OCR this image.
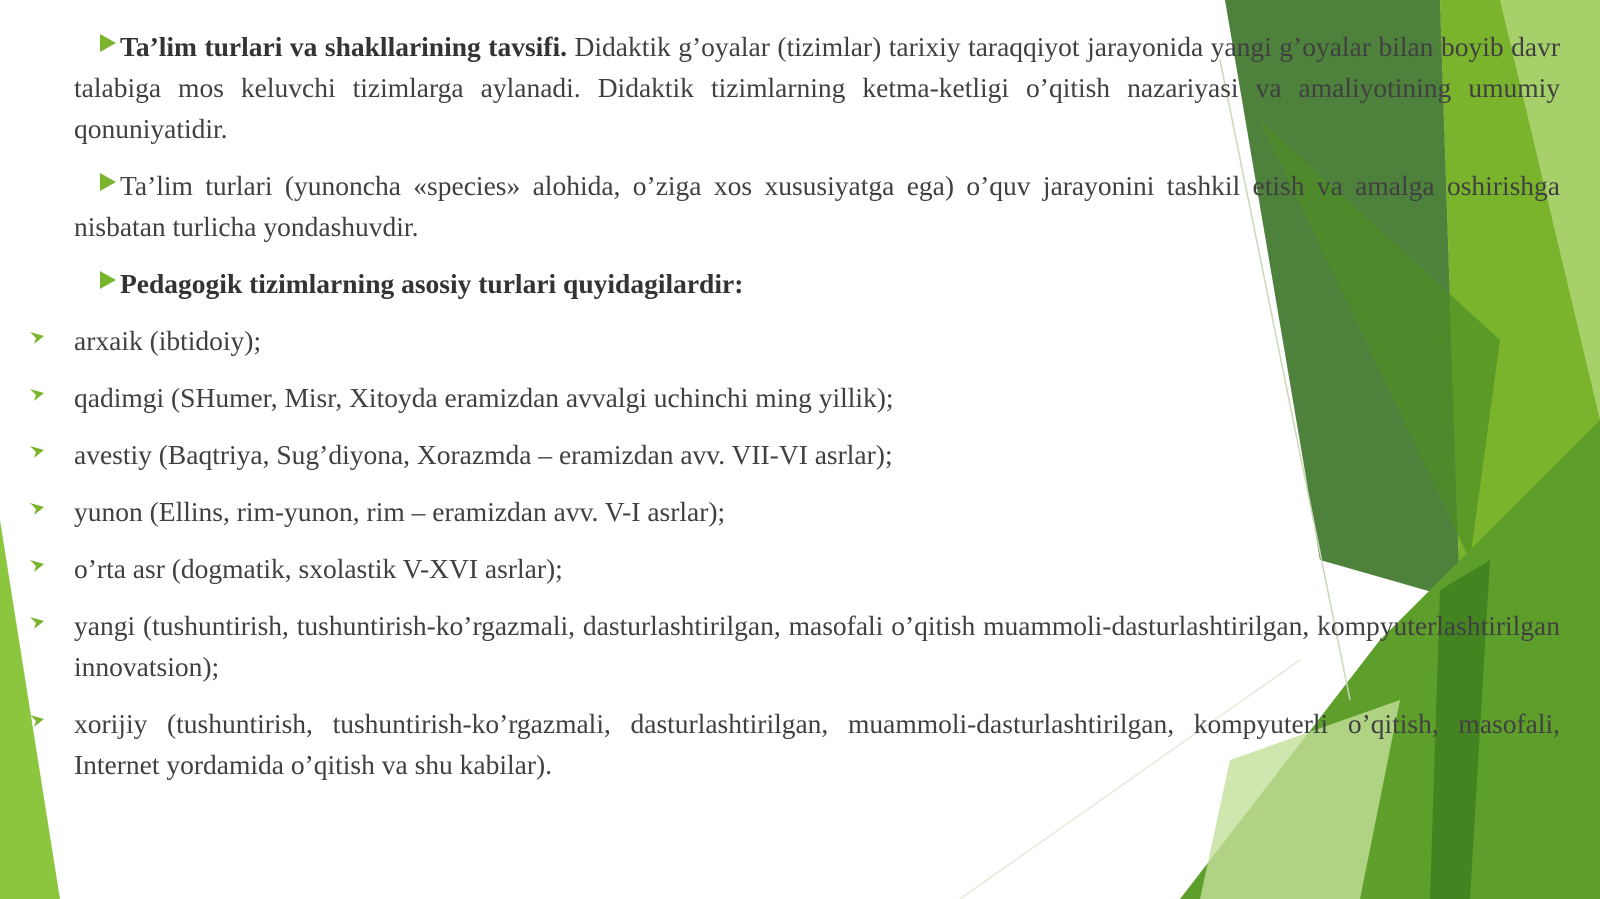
Ta’lim turlari va shakllarining tavsifi. Didaktik g’oyalar (tizimlar) tarixiy taraqqiyot jarayonida yangi g’oyalar bilan boyib davr talabiga mos keluvchi tizimlarga aylanadi. Didaktik tizimlarning ketma-ketligi o’qitish nazariyasi va amaliyotining umumiy qonuniyatidir.

Ta’lim turlari (yunoncha «species» alohida, o’ziga xos xususiyatga ega) o’quv jarayonini tashkil etish va amalga oshirishga nisbatan turlicha yondashuvdir.

Pedagogik tizimlarning asosiy turlari quyidagilardir:

arxaik (ibtidoiy);
qadimgi (SHumer, Misr, Xitoyda eramizdan avvalgi uchinchi ming yillik);
avestiy (Baqtriya, Sug’diyona, Xorazmda – eramizdan avv. VII-VI asrlar);
yunon (Ellins, rim-yunon, rim – eramizdan avv. V-I asrlar);
o’rta asr (dogmatik, sxolastik V-XVI asrlar);
yangi (tushuntirish, tushuntirish-ko’rgazmali, dasturlashtirilgan, masofali o’qitish muammoli-dasturlashtirilgan, kompyuterlashtirilgan innovatsion);
xorijiy (tushuntirish, tushuntirish-ko’rgazmali, dasturlashtirilgan, muammoli-dasturlashtirilgan, kompyuterli o’qitish, masofali, Internet yordamida o’qitish va shu kabilar).
